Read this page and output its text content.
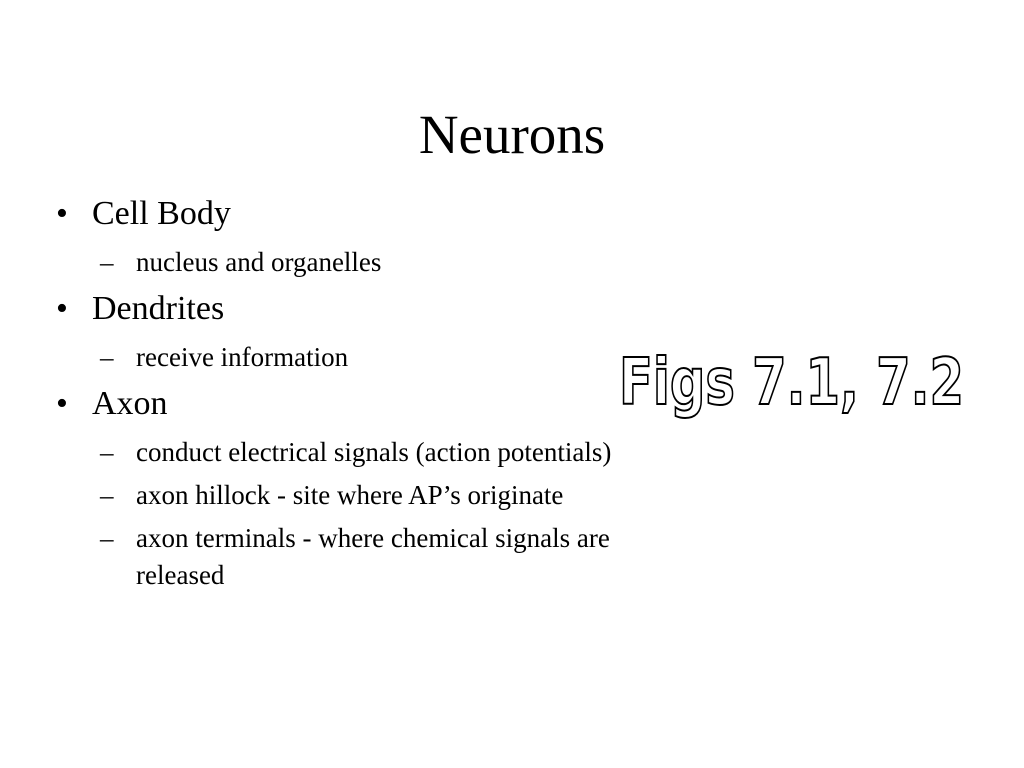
Neurons
• Cell Body
– nucleus and organelles
• Dendrites
– receive information
• Axon
– conduct electrical signals (action potentials)
– axon hillock - site where AP’s originate
– axon terminals - where chemical signals are released
Figs 7.1, 7.2
